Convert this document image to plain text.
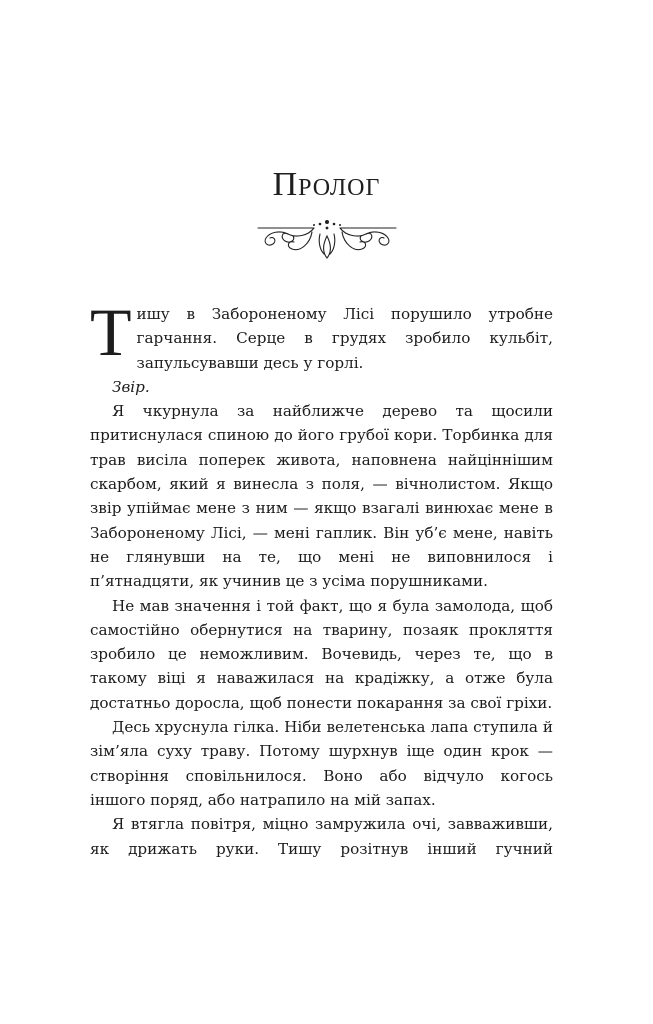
Пролог

Тишу в Забороненому Лісі порушило утробне гарчання. Серце в грудях зробило кульбіт, запульсувавши десь у горлі.

Звір.

Я чкурнула за найближче дерево та щосили притиснулася спиною до його грубої кори. Торбинка для трав висіла поперек живота, наповнена найціннішим скарбом, який я винесла з поля, — вічнолистом. Якщо звір упіймає мене з ним — якщо взагалі винюхає мене в Забороненому Лісі, — мені гаплик. Він уб’є мене, навіть не глянувши на те, що мені не виповнилося і п’ятнадцяти, як учинив це з усіма порушниками.

Не мав значення і той факт, що я була замолода, щоб самостійно обернутися на тварину, позаяк прокляття зробило це неможливим. Вочевидь, через те, що в такому віці я наважилася на крадіжку, а отже була достатньо доросла, щоб понести покарання за свої гріхи.

Десь хруснула гілка. Ніби велетенська лапа ступила й зім’яла суху траву. Потому шурхнув іще один крок — створіння сповільнилося. Воно або відчуло когось іншого поряд, або натрапило на мій запах.

Я втягла повітря, міцно замружила очі, завваживши, як дрижать руки. Тишу розітнув інший гучний
